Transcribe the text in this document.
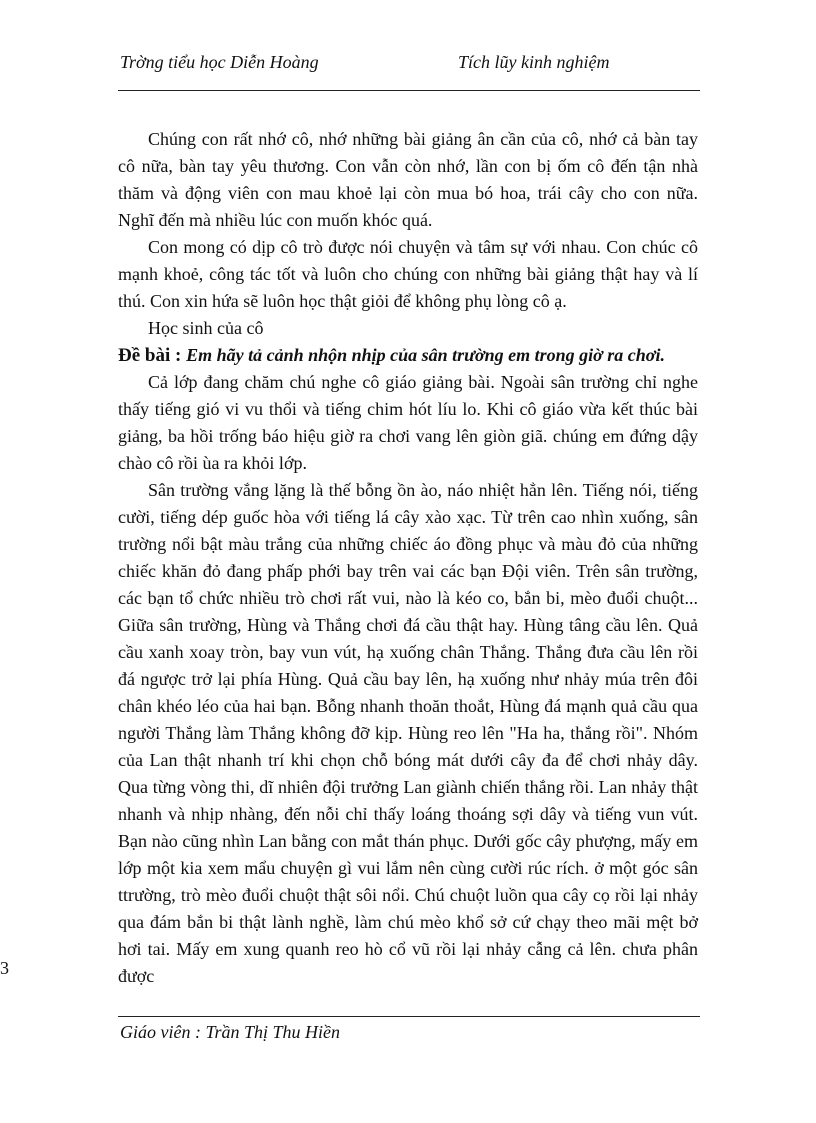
Trờng tiểu học Diễn Hoàng	Tích lũy kinh nghiệm

Chúng con rất nhớ cô, nhớ những bài giảng ân cần của cô, nhớ cả bàn tay cô nữa, bàn tay yêu thương. Con vẫn còn nhớ, lần con bị ốm cô đến tận nhà thăm và động viên con mau khoẻ lại còn mua bó hoa, trái cây cho con nữa. Nghĩ đến mà nhiều lúc con muốn khóc quá.

Con mong có dịp cô trò được nói chuyện và tâm sự với nhau. Con chúc cô mạnh khoẻ, công tác tốt và luôn cho chúng con những bài giảng thật hay và lí thú. Con xin hứa sẽ luôn học thật giỏi để không phụ lòng cô ạ.

Học sinh của cô

Đề bài : Em hãy tả cảnh nhộn nhịp của sân trường em trong giờ ra chơi.

Cả lớp đang chăm chú nghe cô giáo giảng bài. Ngoài sân trường chỉ nghe thấy tiếng gió vi vu thổi và tiếng chim hót líu lo. Khi cô giáo vừa kết thúc bài giảng, ba hồi trống báo hiệu giờ ra chơi vang lên giòn giã. chúng em đứng dậy chào cô rồi ùa ra khỏi lớp.

Sân trường vắng lặng là thế bỗng ồn ào, náo nhiệt hẳn lên. Tiếng nói, tiếng cười, tiếng dép guốc hòa với tiếng lá cây xào xạc. Từ trên cao nhìn xuống, sân trường nổi bật màu trắng của những chiếc áo đồng phục và màu đỏ của những chiếc khăn đỏ đang phấp phới bay trên vai các bạn Đội viên. Trên sân trường, các bạn tổ chức nhiều trò chơi rất vui, nào là kéo co, bắn bi, mèo đuổi chuột... Giữa sân trường, Hùng và Thắng chơi đá cầu thật hay. Hùng tâng cầu lên. Quả cầu xanh xoay tròn, bay vun vút, hạ xuống chân Thắng. Thắng đưa cầu lên rồi đá ngược trở lại phía Hùng. Quả cầu bay lên, hạ xuống như nhảy múa trên đôi chân khéo léo của hai bạn. Bỗng nhanh thoăn thoắt, Hùng đá mạnh quả cầu qua người Thắng làm Thắng không đỡ kịp. Hùng reo lên "Ha ha, thắng rồi". Nhóm của Lan thật nhanh trí khi chọn chỗ bóng mát dưới cây đa để chơi nhảy dây. Qua từng vòng thi, dĩ nhiên đội trưởng Lan giành chiến thắng rồi. Lan nhảy thật nhanh và nhịp nhàng, đến nỗi chỉ thấy loáng thoáng sợi dây và tiếng vun vút. Bạn nào cũng nhìn Lan bằng con mắt thán phục. Dưới gốc cây phượng, mấy em lớp một kia xem mẩu chuyện gì vui lắm nên cùng cười rúc rích. ở một góc sân ttrường, trò mèo đuổi chuột thật sôi nổi. Chú chuột luồn qua cây cọ rồi lại nhảy qua đám bắn bi thật lành nghề, làm chú mèo khổ sở cứ chạy theo mãi mệt bở hơi tai. Mấy em xung quanh reo hò cổ vũ rồi lại nhảy cẫng cả lên. chưa phân được

3
Giáo viên : Trần Thị Thu Hiền
